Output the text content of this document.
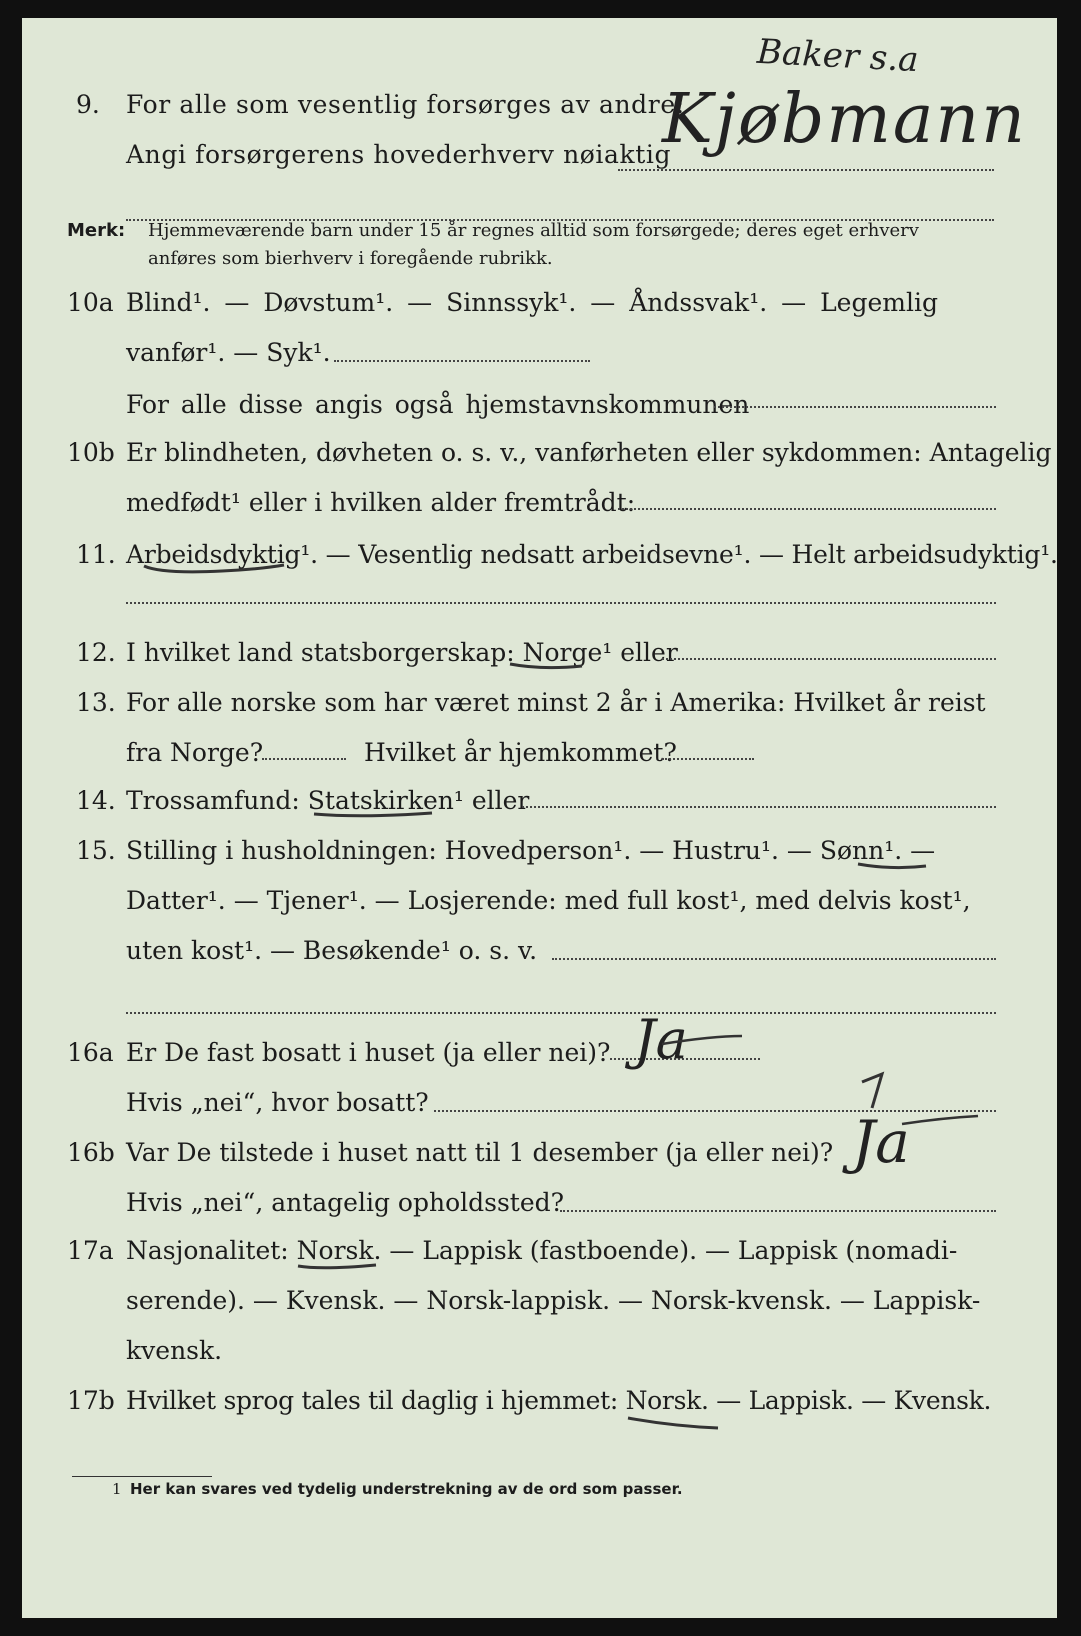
Baker s.a
9. For alle som vesentlig forsørges av andre:
Angi forsørgerens hovederhverv nøiaktig
Kjøbmann
Merk: Hjemmeværende barn under 15 år regnes alltid som forsørgede; deres eget erhverv
anføres som bierhverv i foregående rubrikk.
10a Blind¹. — Døvstum¹. — Sinnssyk¹. — Åndssvak¹. — Legemlig
vanfør¹. — Syk¹.
For alle disse angis også hjemstavnskommunen
10b Er blindheten, døvheten o. s. v., vanførheten eller sykdommen: Antagelig
medfødt¹ eller i hvilken alder fremtrådt:
11. Arbeidsdyktig¹. — Vesentlig nedsatt arbeidsevne¹. — Helt arbeidsudyktig¹.
12. I hvilket land statsborgerskap: Norge¹ eller
13. For alle norske som har været minst 2 år i Amerika: Hvilket år reist
fra Norge?	Hvilket år hjemkommet?
14. Trossamfund: Statskirken¹ eller
15. Stilling i husholdningen: Hovedperson¹. — Hustru¹. — Sønn¹. —
Datter¹. — Tjener¹. — Losjerende: med full kost¹, med delvis kost¹,
uten kost¹. — Besøkende¹ o. s. v.
16a Er De fast bosatt i huset (ja eller nei)? Ja
Hvis „nei“, hvor bosatt?
16b Var De tilstede i huset natt til 1 desember (ja eller nei)? Ja
Hvis „nei“, antagelig opholdssted?
17a Nasjonalitet: Norsk. — Lappisk (fastboende). — Lappisk (nomadi-
serende). — Kvensk. — Norsk-lappisk. — Norsk-kvensk. — Lappisk-
kvensk.
17b Hvilket sprog tales til daglig i hjemmet: Norsk. — Lappisk. — Kvensk.
1 Her kan svares ved tydelig understrekning av de ord som passer.
